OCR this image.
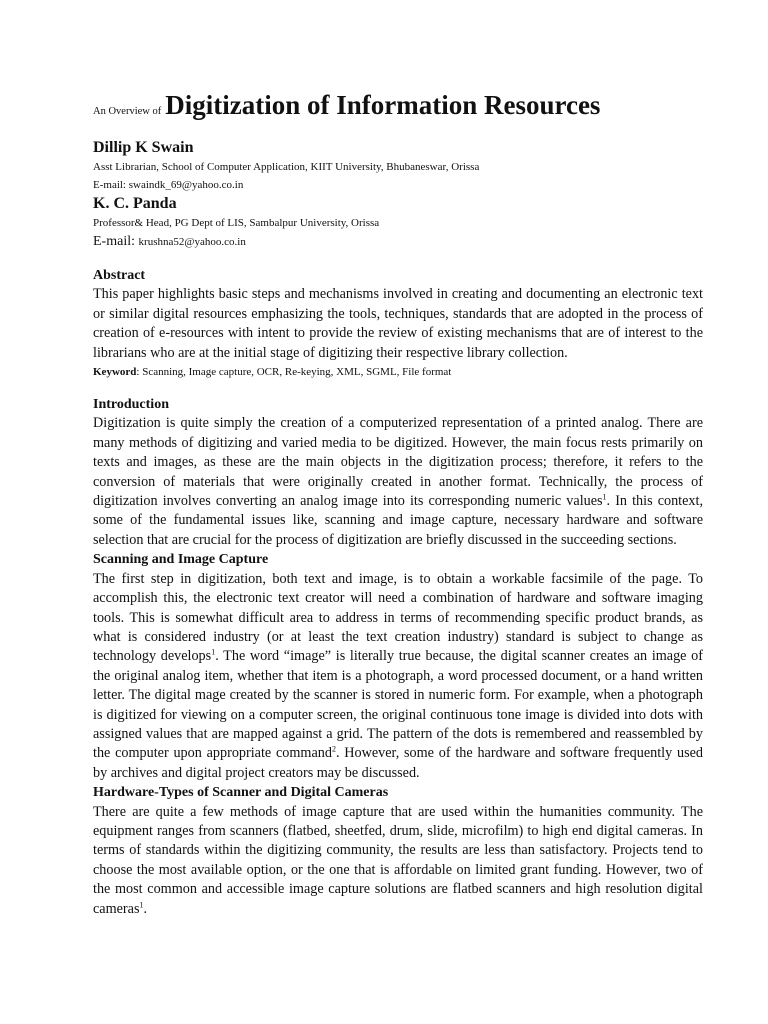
An Overview of Digitization of Information Resources
Dillip K Swain
Asst Librarian, School of Computer Application, KIIT University, Bhubaneswar, Orissa
E-mail: swaindk_69@yahoo.co.in
K. C. Panda
Professor& Head, PG Dept of LIS, Sambalpur University, Orissa
E-mail: krushna52@yahoo.co.in
Abstract
This paper highlights basic steps and mechanisms involved in creating and documenting an electronic text or similar digital resources emphasizing the tools, techniques, standards that are adopted in the process of creation of e-resources with intent to provide the review of existing mechanisms that are of interest to the librarians who are at the initial stage of digitizing their respective library collection.
Keyword: Scanning, Image capture, OCR, Re-keying, XML, SGML, File format
Introduction
Digitization is quite simply the creation of a computerized representation of a printed analog. There are many methods of digitizing and varied media to be digitized. However, the main focus rests primarily on texts and images, as these are the main objects in the digitization process; therefore, it refers to the conversion of materials that were originally created in another format. Technically, the process of digitization involves converting an analog image into its corresponding numeric values$^1$. In this context, some of the fundamental issues like, scanning and image capture, necessary hardware and software selection that are crucial for the process of digitization are briefly discussed in the succeeding sections.
Scanning and Image Capture
The first step in digitization, both text and image, is to obtain a workable facsimile of the page. To accomplish this, the electronic text creator will need a combination of hardware and software imaging tools. This is somewhat difficult area to address in terms of recommending specific product brands, as what is considered industry (or at least the text creation industry) standard is subject to change as technology develops$^1$. The word “image” is literally true because, the digital scanner creates an image of the original analog item, whether that item is a photograph, a word processed document, or a hand written letter. The digital mage created by the scanner is stored in numeric form. For example, when a photograph is digitized for viewing on a computer screen, the original continuous tone image is divided into dots with assigned values that are mapped against a grid. The pattern of the dots is remembered and reassembled by the computer upon appropriate command$^2$. However, some of the hardware and software frequently used by archives and digital project creators may be discussed.
Hardware-Types of Scanner and Digital Cameras
There are quite a few methods of image capture that are used within the humanities community. The equipment ranges from scanners (flatbed, sheetfed, drum, slide, microfilm) to high end digital cameras. In terms of standards within the digitizing community, the results are less than satisfactory. Projects tend to choose the most available option, or the one that is affordable on limited grant funding. However, two of the most common and accessible image capture solutions are flatbed scanners and high resolution digital cameras$^1$.
